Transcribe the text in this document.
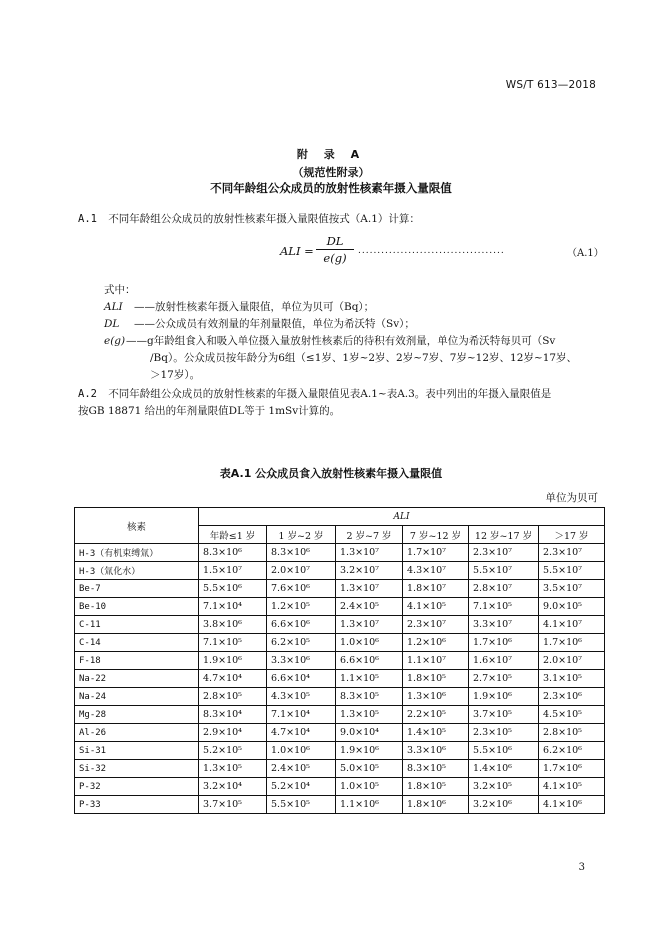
WS/T 613—2018
附 录 A
（规范性附录）
不同年龄组公众成员的放射性核素年摄入量限值
A.1 不同年龄组公众成员的放射性核素年摄入量限值按式（A.1）计算：
ALI = $\frac{DL}{e(g)}$ ......................................	（A.1）
式中：
ALI ——放射性核素年摄入量限值，单位为贝可（Bq）；
DL ——公众成员有效剂量的年剂量限值，单位为希沃特（Sv）；
e(g)——g年龄组食入和吸入单位摄入量放射性核素后的待积有效剂量，单位为希沃特每贝可（Sv
/Bq）。公众成员按年龄分为6组（≤1岁、1岁~2岁、2岁~7岁、7岁~12岁、12岁~17岁、
＞17岁）。
A.2 不同年龄组公众成员的放射性核素的年摄入量限值见表A.1~表A.3。表中列出的年摄入量限值是
按GB 18871 给出的年剂量限值DL等于 1mSv计算的。
表A.1 公众成员食入放射性核素年摄入量限值
单位为贝可
核素	ALI					
	年龄≤1 岁	1 岁~2 岁	2 岁~7 岁	7 岁~12 岁	12 岁~17 岁	＞17 岁
H-3（有机束缚氚）	8.3×10⁶	8.3×10⁶	1.3×10⁷	1.7×10⁷	2.3×10⁷	2.3×10⁷
H-3（氚化水）	1.5×10⁷	2.0×10⁷	3.2×10⁷	4.3×10⁷	5.5×10⁷	5.5×10⁷
Be-7	5.5×10⁶	7.6×10⁶	1.3×10⁷	1.8×10⁷	2.8×10⁷	3.5×10⁷
Be-10	7.1×10⁴	1.2×10⁵	2.4×10⁵	4.1×10⁵	7.1×10⁵	9.0×10⁵
C-11	3.8×10⁶	6.6×10⁶	1.3×10⁷	2.3×10⁷	3.3×10⁷	4.1×10⁷
C-14	7.1×10⁵	6.2×10⁵	1.0×10⁶	1.2×10⁶	1.7×10⁶	1.7×10⁶
F-18	1.9×10⁶	3.3×10⁶	6.6×10⁶	1.1×10⁷	1.6×10⁷	2.0×10⁷
Na-22	4.7×10⁴	6.6×10⁴	1.1×10⁵	1.8×10⁵	2.7×10⁵	3.1×10⁵
Na-24	2.8×10⁵	4.3×10⁵	8.3×10⁵	1.3×10⁶	1.9×10⁶	2.3×10⁶
Mg-28	8.3×10⁴	7.1×10⁴	1.3×10⁵	2.2×10⁵	3.7×10⁵	4.5×10⁵
Al-26	2.9×10⁴	4.7×10⁴	9.0×10⁴	1.4×10⁵	2.3×10⁵	2.8×10⁵
Si-31	5.2×10⁵	1.0×10⁶	1.9×10⁶	3.3×10⁶	5.5×10⁶	6.2×10⁶
Si-32	1.3×10⁵	2.4×10⁵	5.0×10⁵	8.3×10⁵	1.4×10⁶	1.7×10⁶
P-32	3.2×10⁴	5.2×10⁴	1.0×10⁵	1.8×10⁵	3.2×10⁵	4.1×10⁵
P-33	3.7×10⁵	5.5×10⁵	1.1×10⁶	1.8×10⁶	3.2×10⁶	4.1×10⁶
3
